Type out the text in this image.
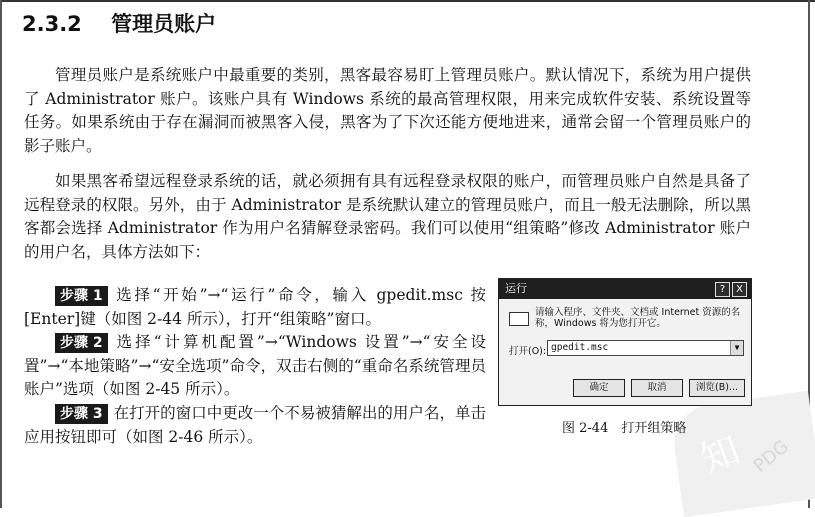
知 PDG
2.3.2 管理员账户

管理员账户是系统账户中最重要的类别，黑客最容易盯上管理员账户。默认情况下，系统为用户提供了 Administrator 账户。该账户具有 Windows 系统的最高管理权限，用来完成软件安装、系统设置等任务。如果系统由于存在漏洞而被黑客入侵，黑客为了下次还能方便地进来，通常会留一个管理员账户的影子账户。

如果黑客希望远程登录系统的话，就必须拥有具有远程登录权限的账户，而管理员账户自然是具备了远程登录的权限。另外，由于 Administrator 是系统默认建立的管理员账户，而且一般无法删除，所以黑客都会选择 Administrator 作为用户名猜解登录密码。我们可以使用“组策略”修改 Administrator 账户的用户名，具体方法如下：

步骤 1 选择“开始”→“运行”命令，输入 gpedit.msc 按[Enter]键（如图 2-44 所示），打开“组策略”窗口。

步骤 2 选择“计算机配置”→“Windows 设置”→“安全设置”→“本地策略”→“安全选项”命令，双击右侧的“重命名系统管理员账户”选项（如图 2-45 所示）。

步骤 3 在打开的窗口中更改一个不易被猜解出的用户名，单击应用按钮即可（如图 2-46 所示）。

运行	?	X
请输入程序、文件夹、文档或 Internet 资源的名称，Windows 将为您打开它。
打开(O): gpedit.msc	▼
确定	取消	浏览(B)...
图 2-44　打开组策略
